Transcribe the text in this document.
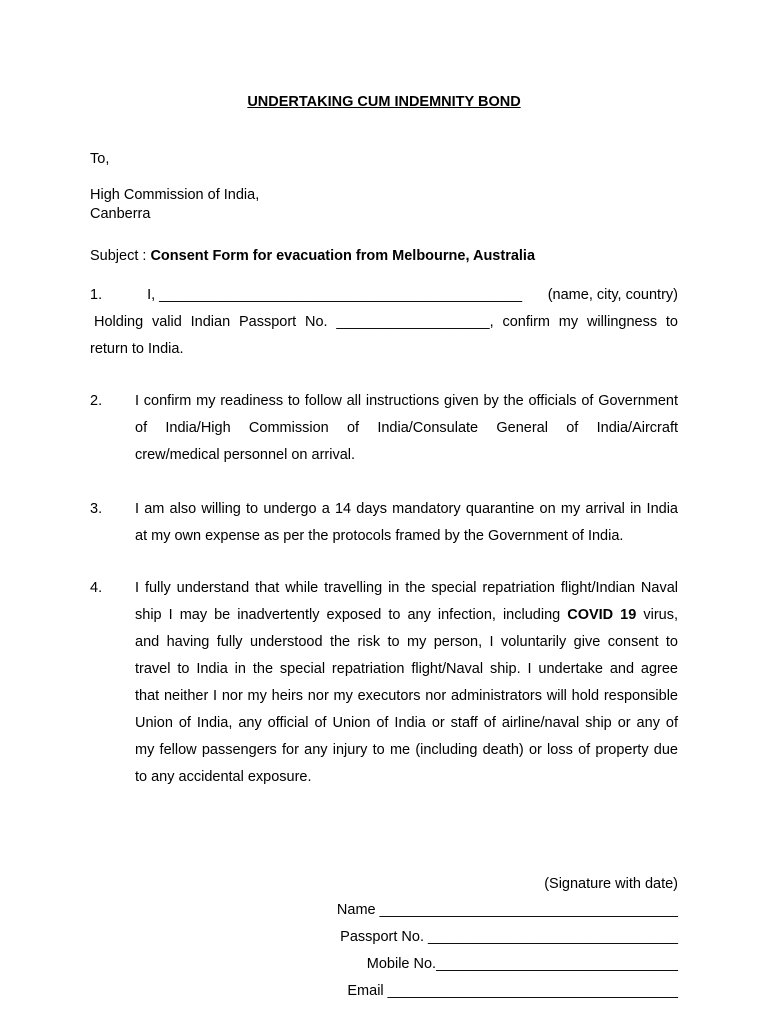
UNDERTAKING CUM INDEMNITY BOND
To,
High Commission of India,
Canberra
Subject : Consent Form for evacuation from Melbourne, Australia
1.	I, _____________________________________________ (name, city, country)
Holding valid Indian Passport No. ___________________, confirm my willingness to
return to India.
2. I confirm my readiness to follow all instructions given by the officials of Government
of India/High Commission of India/Consulate General of India/Aircraft
crew/medical personnel on arrival.
3. I am also willing to undergo a 14 days mandatory quarantine on my arrival in India
at my own expense as per the protocols framed by the Government of India.
4. I fully understand that while travelling in the special repatriation flight/Indian Naval
ship I may be inadvertently exposed to any infection, including COVID 19 virus,
and having fully understood the risk to my person, I voluntarily give consent to
travel to India in the special repatriation flight/Naval ship. I undertake and agree
that neither I nor my heirs nor my executors nor administrators will hold responsible
Union of India, any official of Union of India or staff of airline/naval ship or any of
my fellow passengers for any injury to me (including death) or loss of property due
to any accidental exposure.
(Signature with date)
Name _____________________________________
Passport No. _______________________________
Mobile No.______________________________
Email ____________________________________
